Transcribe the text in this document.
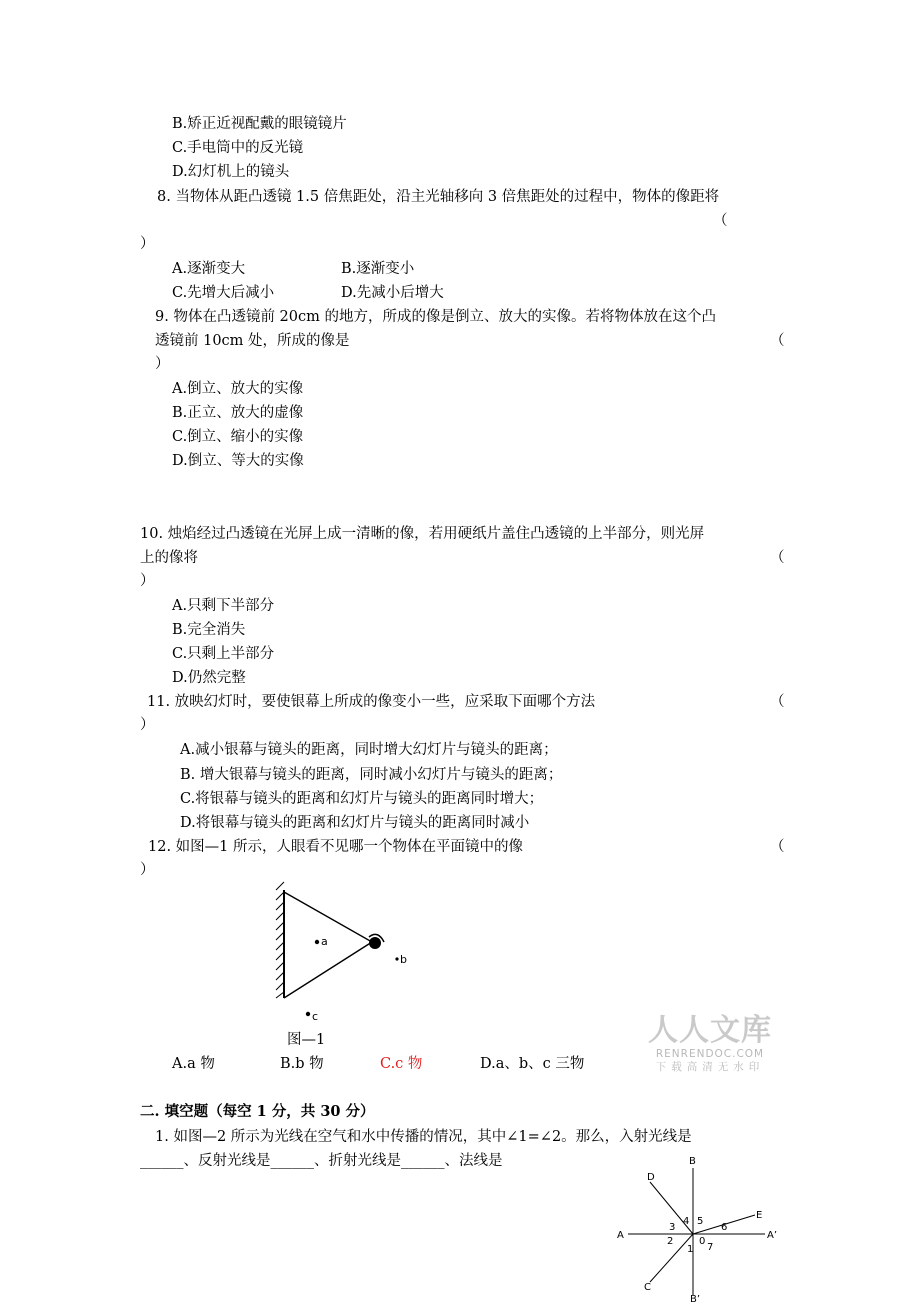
B.矫正近视配戴的眼镜镜片
C.手电筒中的反光镜
D.幻灯机上的镜头
8. 当物体从距凸透镜 1.5 倍焦距处，沿主光轴移向 3 倍焦距处的过程中，物体的像距将
（
）
A.逐渐变大	B.逐渐变小
C.先增大后减小	D.先减小后增大
9. 物体在凸透镜前 20cm 的地方，所成的像是倒立、放大的实像。若将物体放在这个凸
透镜前 10cm 处，所成的像是	（
）
A.倒立、放大的实像
B.正立、放大的虚像
C.倒立、缩小的实像
D.倒立、等大的实像
10. 烛焰经过凸透镜在光屏上成一清晰的像，若用硬纸片盖住凸透镜的上半部分，则光屏
上的像将	（
）
A.只剩下半部分
B.完全消失
C.只剩上半部分
D.仍然完整
11. 放映幻灯时，要使银幕上所成的像变小一些，应采取下面哪个方法	（
）
A.减小银幕与镜头的距离，同时增大幻灯片与镜头的距离；
B. 增大银幕与镜头的距离，同时减小幻灯片与镜头的距离；
C.将银幕与镜头的距离和幻灯片与镜头的距离同时增大；
D.将银幕与镜头的距离和幻灯片与镜头的距离同时减小
12. 如图—1 所示，人眼看不见哪一个物体在平面镜中的像	（
）
a
b
c
图—1
A.a 物	B.b 物	C.c 物	D.a、b、c 三物
人人文库
RENRENDOC.COM
下载高清无水印
二. 填空题（每空 1 分，共 30 分）
1. 如图—2 所示为光线在空气和水中传播的情况，其中∠1=∠2。那么，入射光线是
______、反射光线是______、折射光线是______、法线是	B
D
E
A	A’
C
B’
0
1
2
3
4 5
6
7
